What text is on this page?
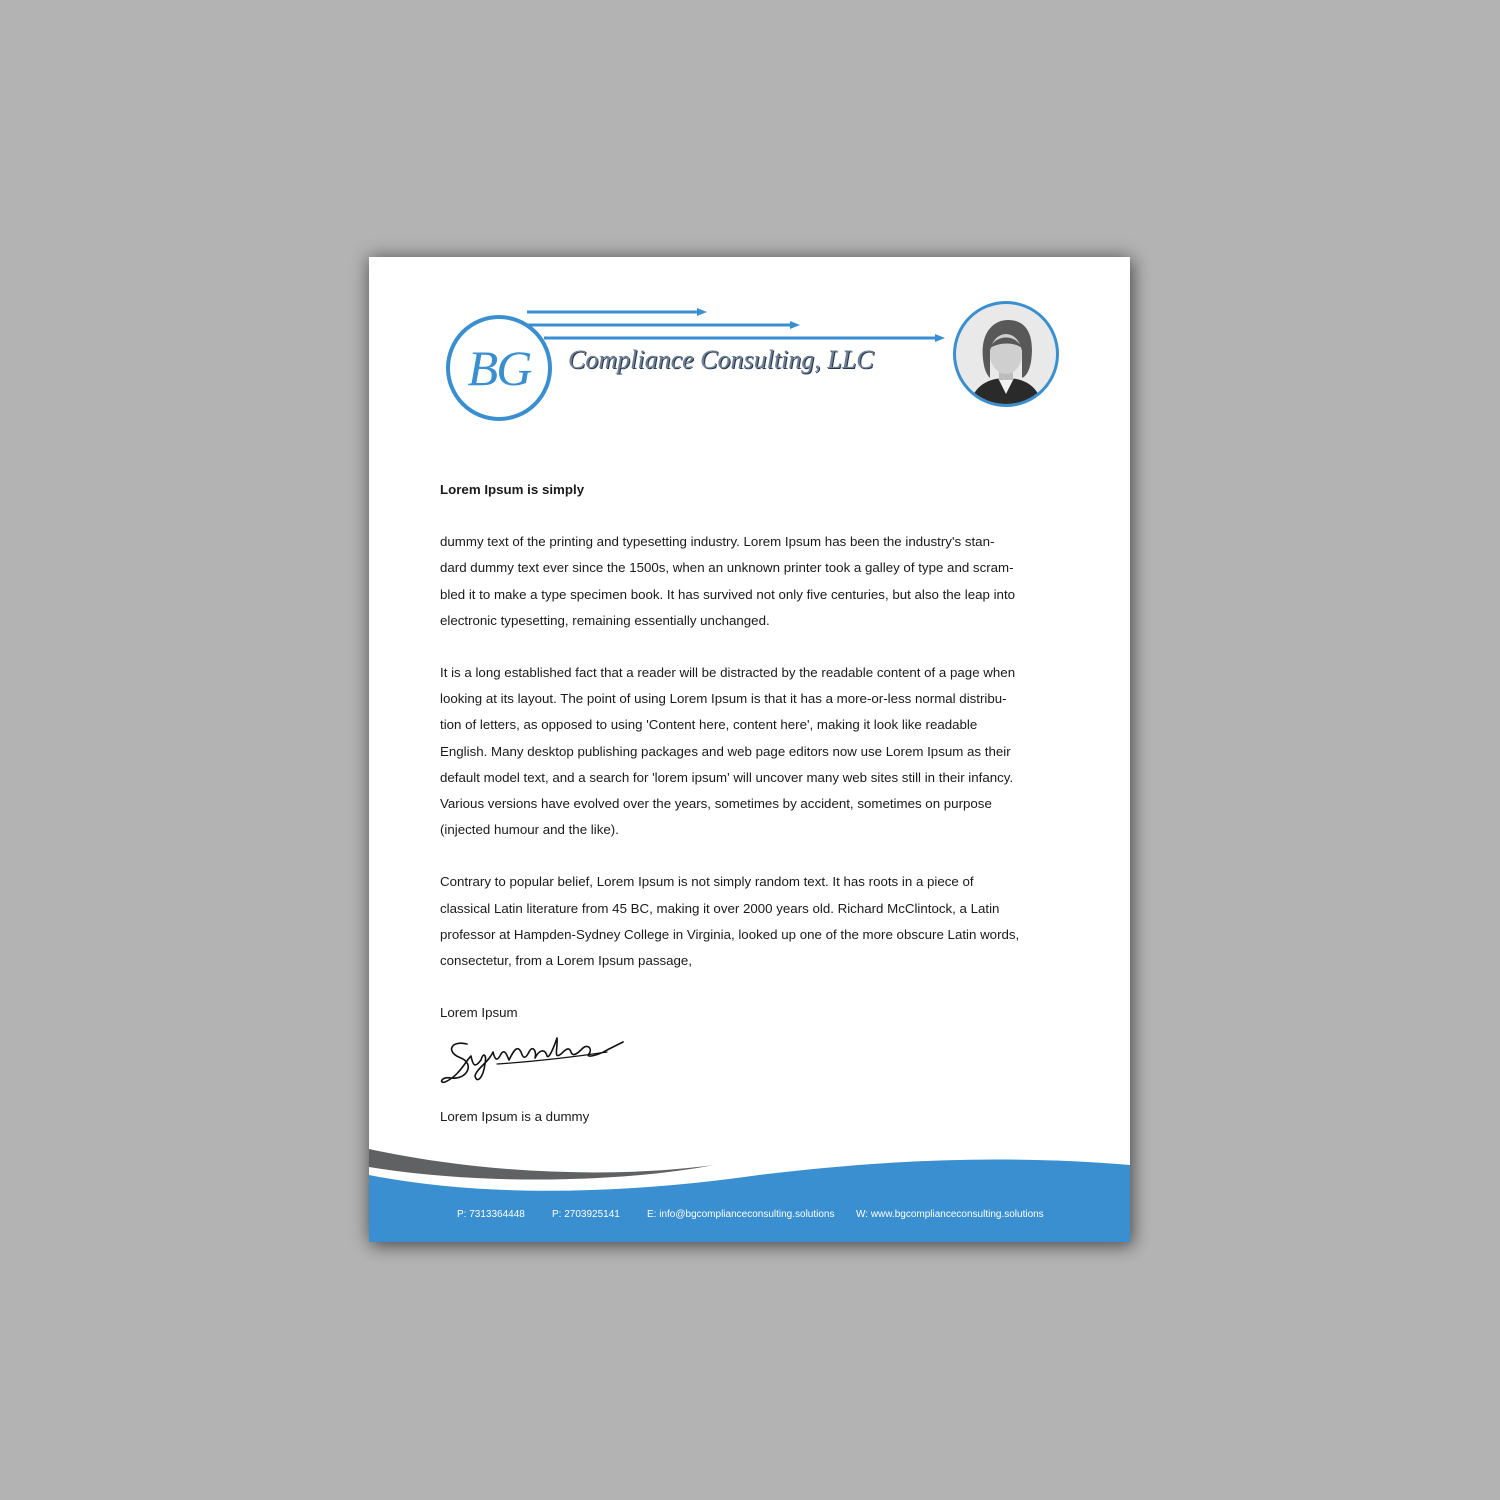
BG	Compliance Consulting, LLC

Lorem Ipsum is simply

dummy text of the printing and typesetting industry. Lorem Ipsum has been the industry's stan-
dard dummy text ever since the 1500s, when an unknown printer took a galley of type and scram-
bled it to make a type specimen book. It has survived not only five centuries, but also the leap into
electronic typesetting, remaining essentially unchanged.

It is a long established fact that a reader will be distracted by the readable content of a page when
looking at its layout. The point of using Lorem Ipsum is that it has a more-or-less normal distribu-
tion of letters, as opposed to using 'Content here, content here', making it look like readable
English. Many desktop publishing packages and web page editors now use Lorem Ipsum as their
default model text, and a search for 'lorem ipsum' will uncover many web sites still in their infancy.
Various versions have evolved over the years, sometimes by accident, sometimes on purpose
(injected humour and the like).

Contrary to popular belief, Lorem Ipsum is not simply random text. It has roots in a piece of
classical Latin literature from 45 BC, making it over 2000 years old. Richard McClintock, a Latin
professor at Hampden-Sydney College in Virginia, looked up one of the more obscure Latin words,
consectetur, from a Lorem Ipsum passage,

Lorem Ipsum

Lorem Ipsum is a dummy

P: 7313364448	P: 2703925141	E: info@bgcomplianceconsulting.solutions W: www.bgcomplianceconsulting.solutions
